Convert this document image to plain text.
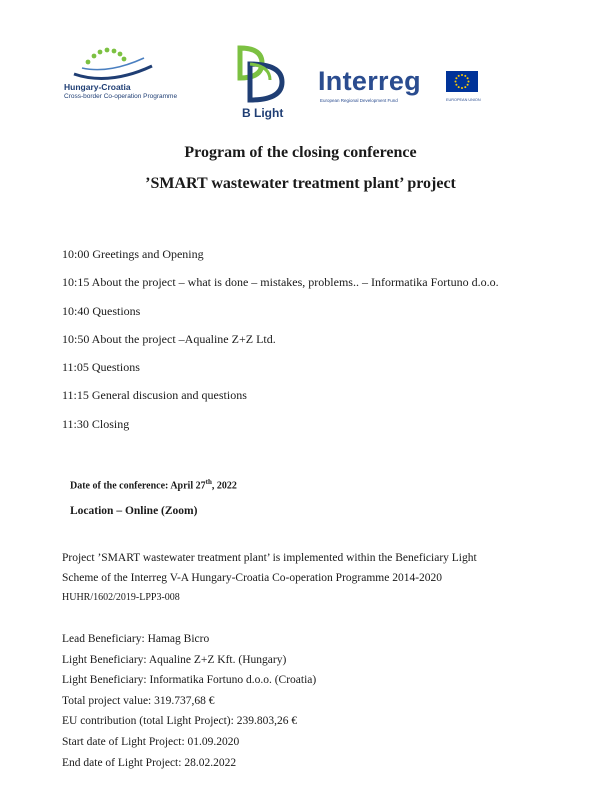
Hungary-Croatia
Cross-border Co-operation Programme
B Light
Interreg
European Regional Development Fund	EUROPEAN UNION
Program of the closing conference
’SMART wastewater treatment plant’ project
10:00 Greetings and Opening
10:15 About the project – what is done – mistakes, problems.. – Informatika Fortuno d.o.o.
10:40 Questions
10:50 About the project –Aqualine Z+Z Ltd.
11:05 Questions
11:15 General discusion and questions
11:30 Closing
Date of the conference: April 27th, 2022
Location – Online (Zoom)
Project ’SMART wastewater treatment plant’ is implemented within the Beneficiary Light
Scheme of the Interreg V-A Hungary-Croatia Co-operation Programme 2014-2020
HUHR/1602/2019-LPP3-008
Lead Beneficiary: Hamag Bicro
Light Beneficiary: Aqualine Z+Z Kft. (Hungary)
Light Beneficiary: Informatika Fortuno d.o.o. (Croatia)
Total project value: 319.737,68 €
EU contribution (total Light Project): 239.803,26 €
Start date of Light Project: 01.09.2020
End date of Light Project: 28.02.2022
